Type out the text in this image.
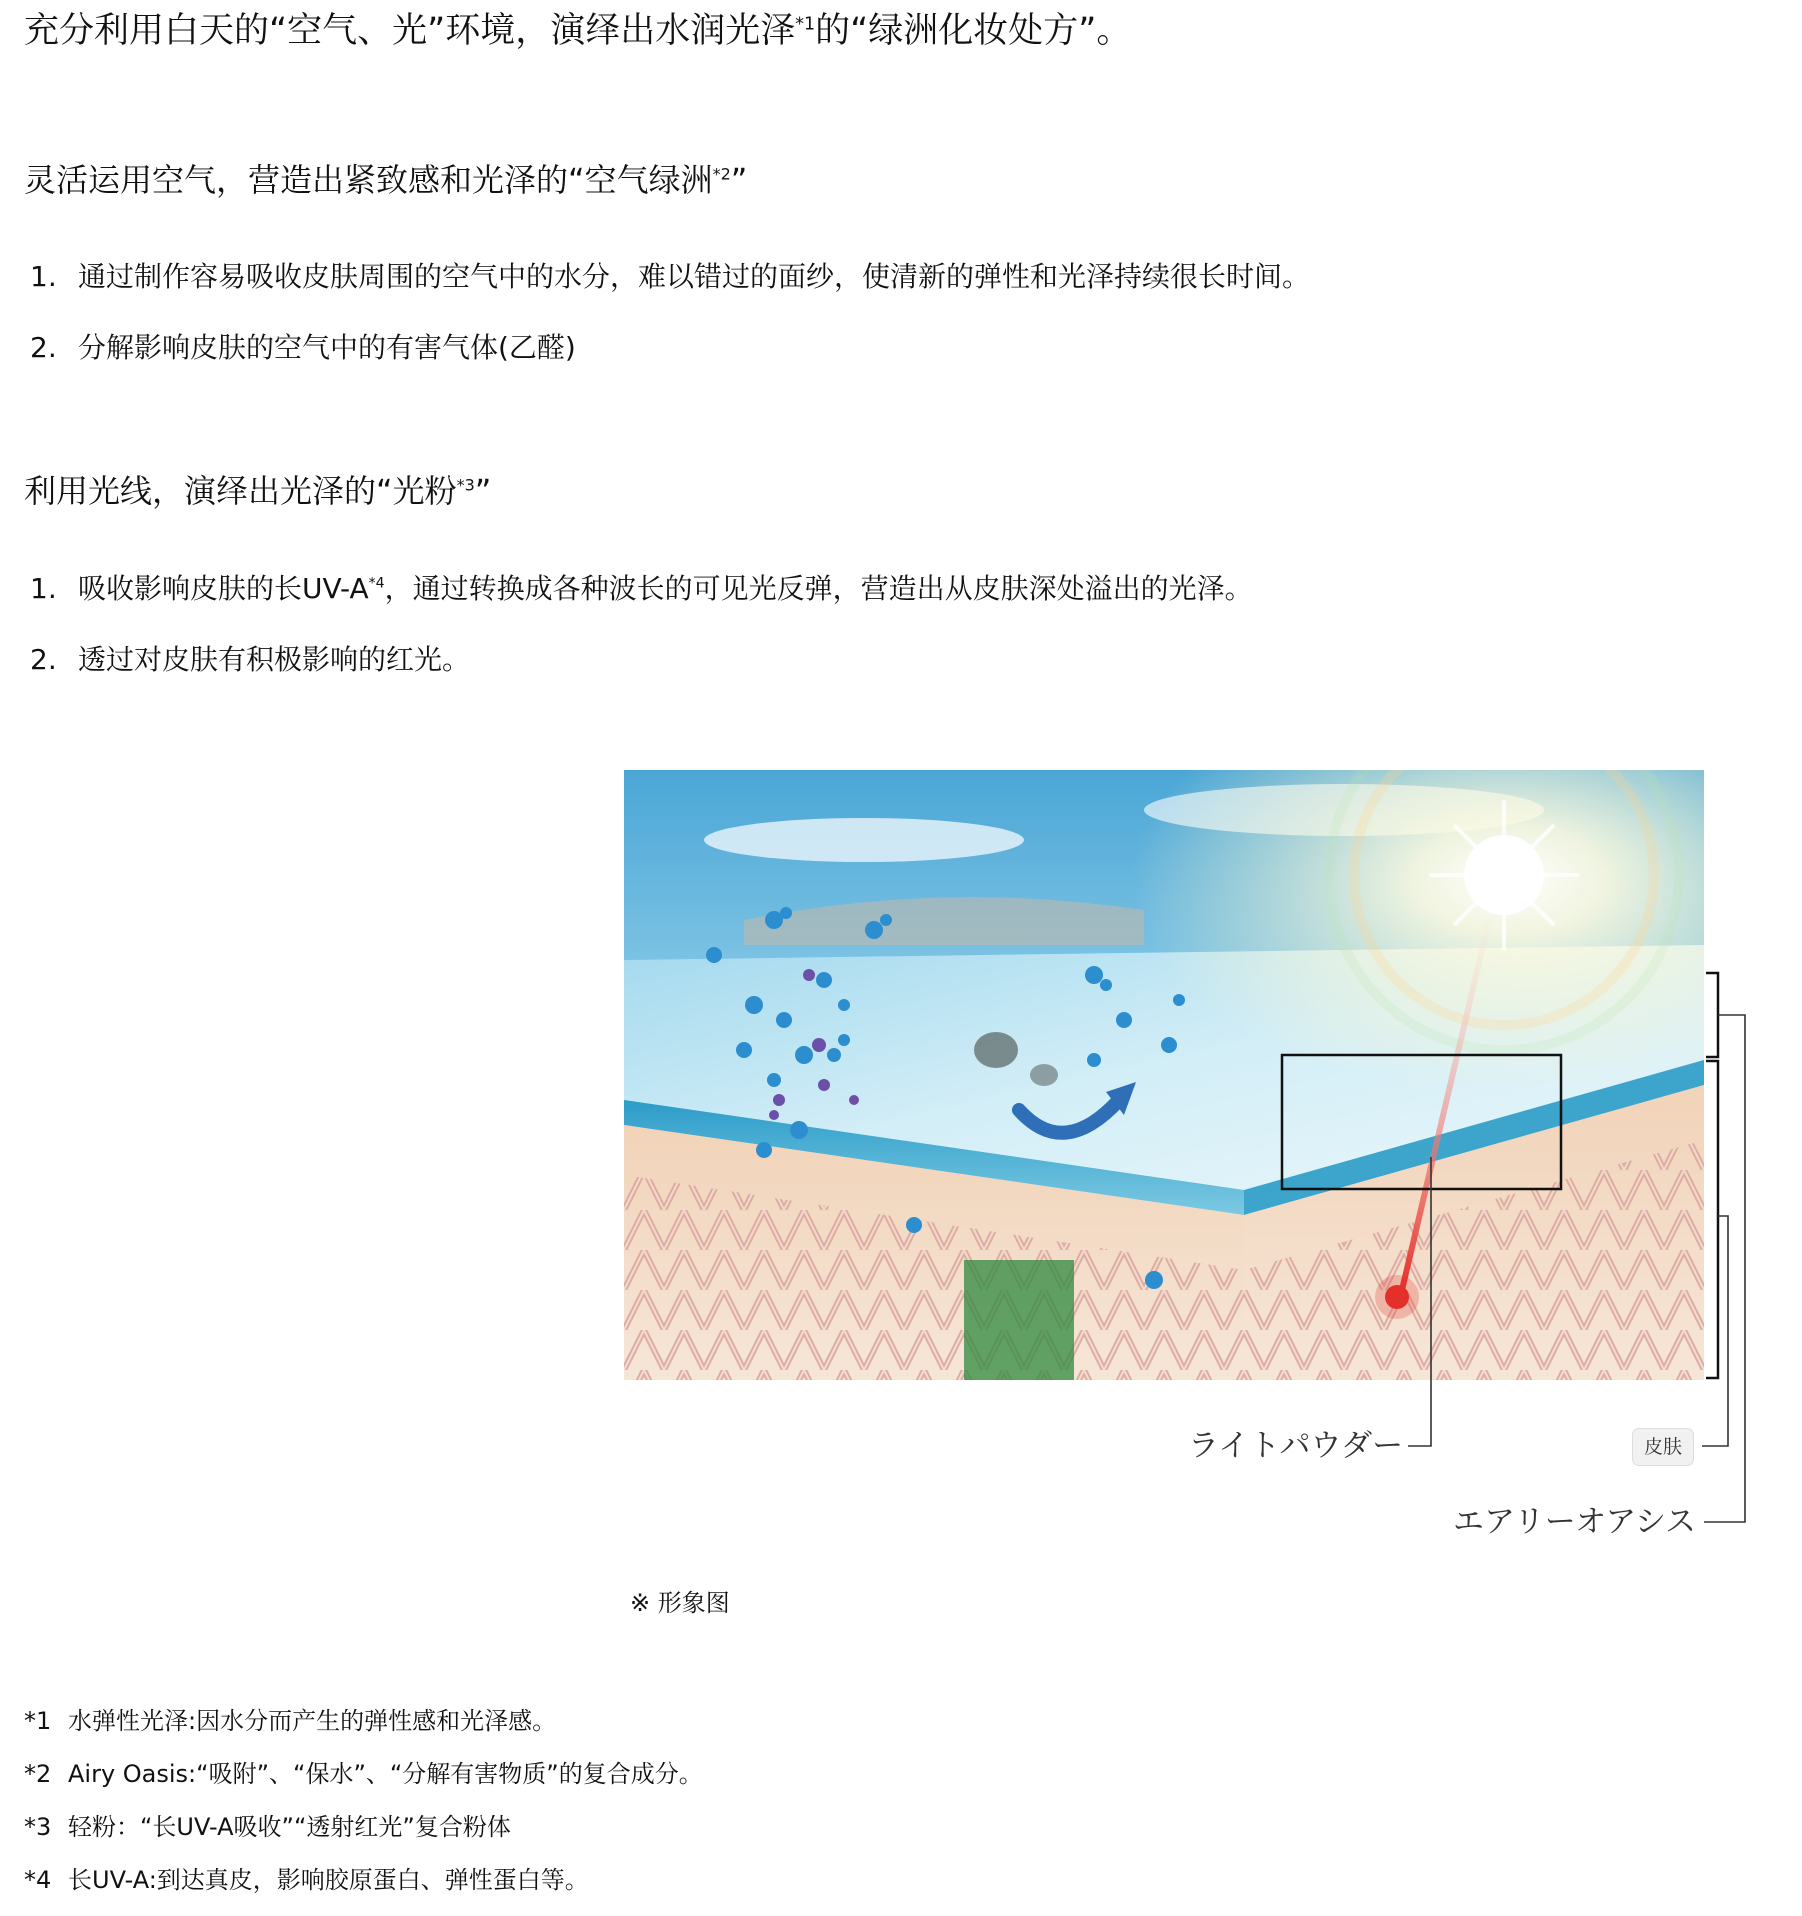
充分利用白天的“空气、光”环境，演绎出水润光泽$^{*1}$的“绿洲化妆处方”。
灵活运用空气，营造出紧致感和光泽的“空气绿洲$^{*2}$”
1. 通过制作容易吸收皮肤周围的空气中的水分，难以错过的面纱，使清新的弹性和光泽持续很长时间。
2. 分解影响皮肤的空气中的有害气体(乙醛)
利用光线，演绎出光泽的“光粉$^{*3}$”
1. 吸收影响皮肤的长$UV-A^{*4}$，通过转换成各种波长的可见光反弹，营造出从皮肤深处溢出的光泽。
2. 透过对皮肤有积极影响的红光。
ライトパウダー	皮肤
エアリーオアシス
※ 形象图
*1 水弹性光泽:因水分而产生的弹性感和光泽感。
*2 Airy Oasis:“吸附”、“保水”、“分解有害物质”的复合成分。
*3 轻粉：“长UV-A吸收”“透射红光”复合粉体
*4 长UV-A:到达真皮，影响胶原蛋白、弹性蛋白等。
